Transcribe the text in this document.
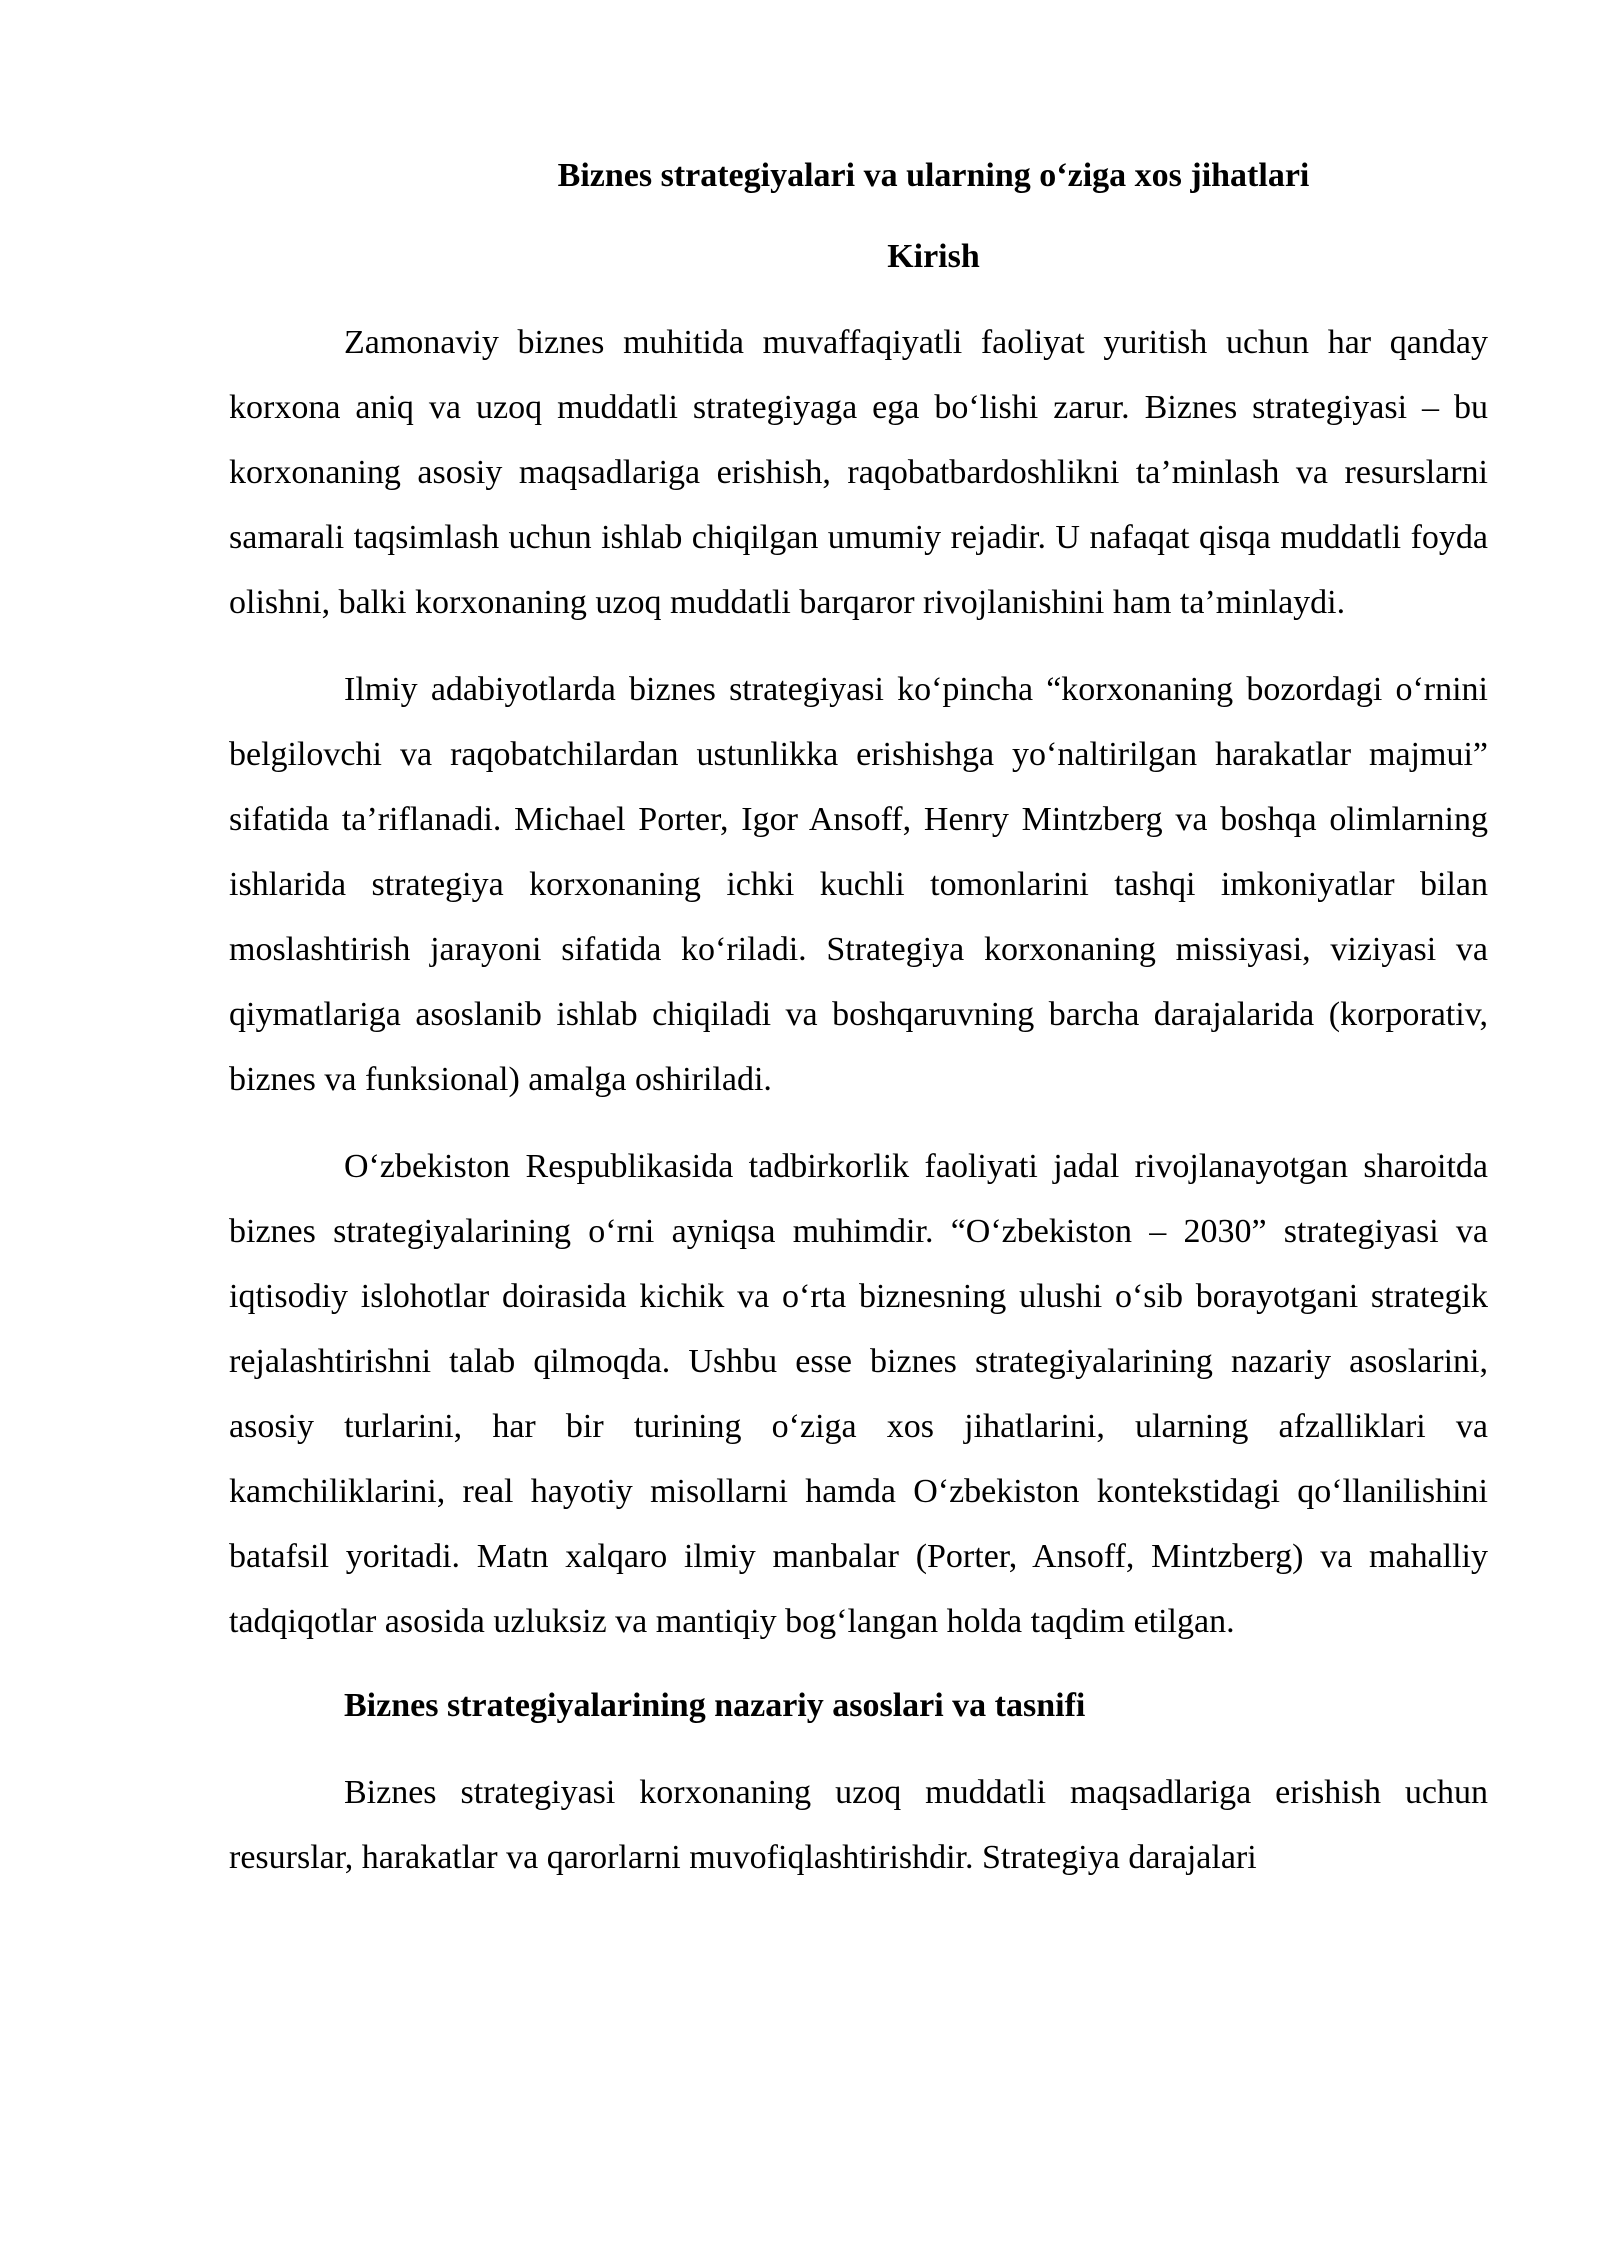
Biznes strategiyalari va ularning o‘ziga xos jihatlari
Kirish

Zamonaviy biznes muhitida muvaffaqiyatli faoliyat yuritish uchun har qanday korxona aniq va uzoq muddatli strategiyaga ega bo‘lishi zarur. Biznes strategiyasi – bu korxonaning asosiy maqsadlariga erishish, raqobatbardoshlikni ta’minlash va resurslarni samarali taqsimlash uchun ishlab chiqilgan umumiy rejadir. U nafaqat qisqa muddatli foyda olishni, balki korxonaning uzoq muddatli barqaror rivojlanishini ham ta’minlaydi.

Ilmiy adabiyotlarda biznes strategiyasi ko‘pincha “korxonaning bozordagi o‘rnini belgilovchi va raqobatchilardan ustunlikka erishishga yo‘naltirilgan harakatlar majmui” sifatida ta’riflanadi. Michael Porter, Igor Ansoff, Henry Mintzberg va boshqa olimlarning ishlarida strategiya korxonaning ichki kuchli tomonlarini tashqi imkoniyatlar bilan moslashtirish jarayoni sifatida ko‘riladi. Strategiya korxonaning missiyasi, viziyasi va qiymatlariga asoslanib ishlab chiqiladi va boshqaruvning barcha darajalarida (korporativ, biznes va funksional) amalga oshiriladi.

O‘zbekiston Respublikasida tadbirkorlik faoliyati jadal rivojlanayotgan sharoitda biznes strategiyalarining o‘rni ayniqsa muhimdir. “O‘zbekiston – 2030” strategiyasi va iqtisodiy islohotlar doirasida kichik va o‘rta biznesning ulushi o‘sib borayotgani strategik rejalashtirishni talab qilmoqda. Ushbu esse biznes strategiyalarining nazariy asoslarini, asosiy turlarini, har bir turining o‘ziga xos jihatlarini, ularning afzalliklari va kamchiliklarini, real hayotiy misollarni hamda O‘zbekiston kontekstidagi qo‘llanilishini batafsil yoritadi. Matn xalqaro ilmiy manbalar (Porter, Ansoff, Mintzberg) va mahalliy tadqiqotlar asosida uzluksiz va mantiqiy bog‘langan holda taqdim etilgan.

Biznes strategiyalarining nazariy asoslari va tasnifi

Biznes strategiyasi korxonaning uzoq muddatli maqsadlariga erishish uchun resurslar, harakatlar va qarorlarni muvofiqlashtirishdir. Strategiya darajalari
